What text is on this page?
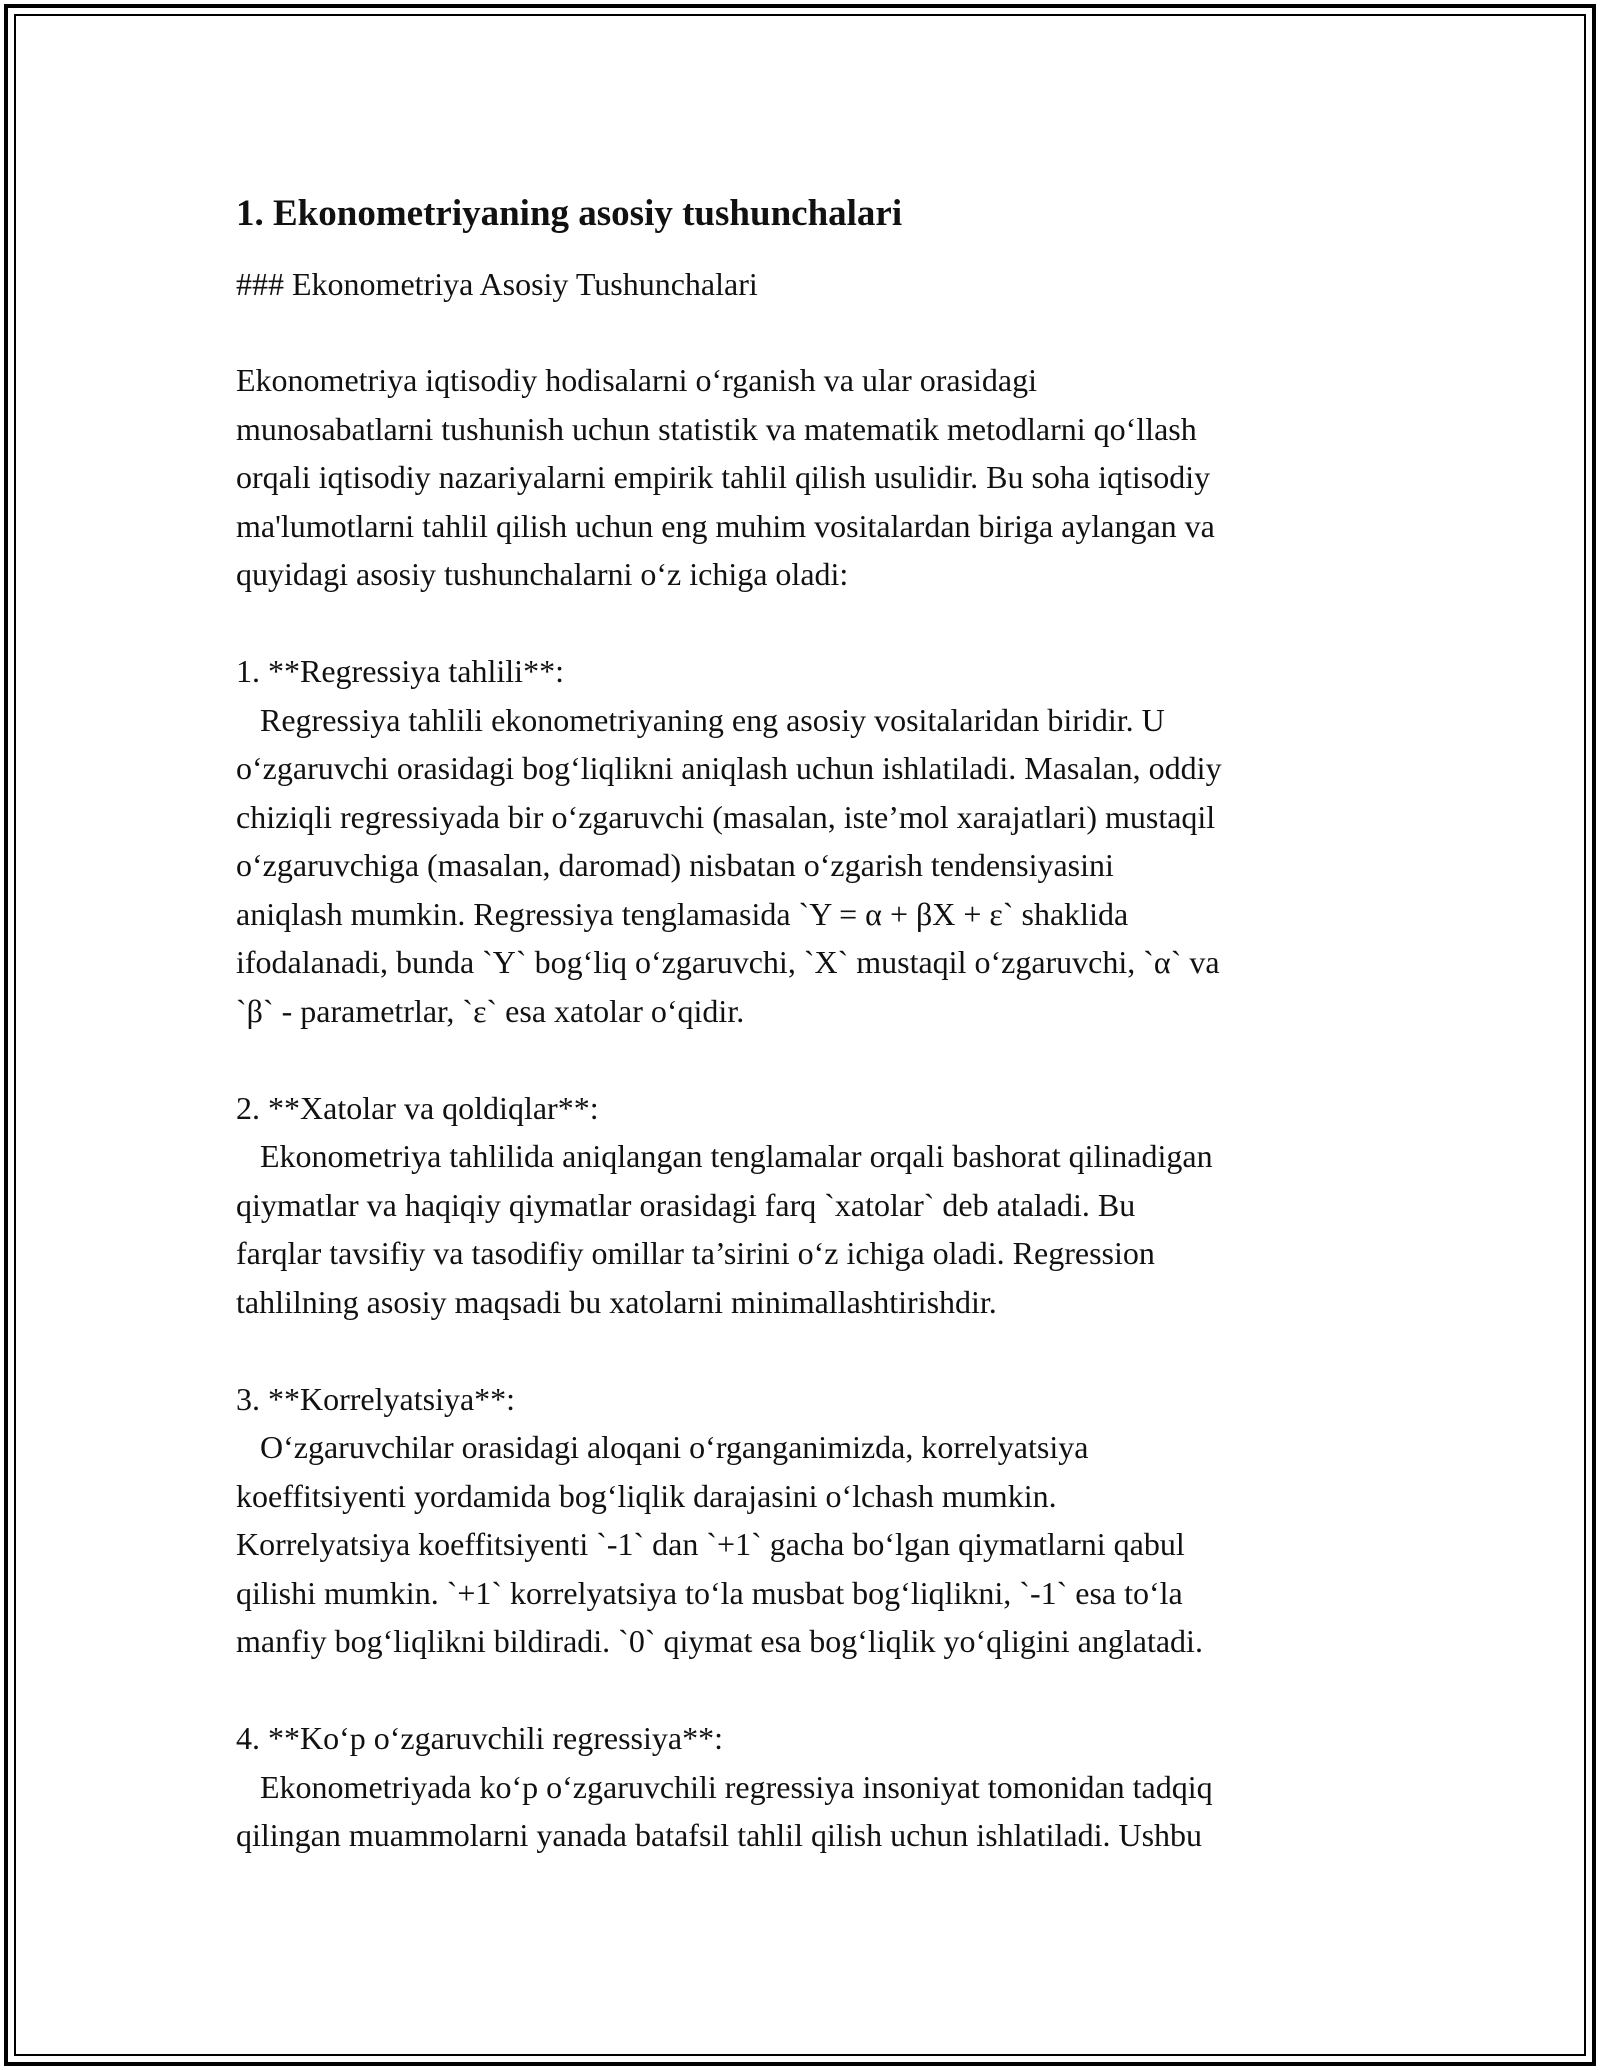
1. Ekonometriyaning asosiy tushunchalari
### Ekonometriya Asosiy Tushunchalari
Ekonometriya iqtisodiy hodisalarni o‘rganish va ular orasidagi
munosabatlarni tushunish uchun statistik va matematik metodlarni qo‘llash
orqali iqtisodiy nazariyalarni empirik tahlil qilish usulidir. Bu soha iqtisodiy
ma'lumotlarni tahlil qilish uchun eng muhim vositalardan biriga aylangan va
quyidagi asosiy tushunchalarni o‘z ichiga oladi:
1. **Regressiya tahlili**:
Regressiya tahlili ekonometriyaning eng asosiy vositalaridan biridir. U
o‘zgaruvchi orasidagi bog‘liqlikni aniqlash uchun ishlatiladi. Masalan, oddiy
chiziqli regressiyada bir o‘zgaruvchi (masalan, iste’mol xarajatlari) mustaqil
o‘zgaruvchiga (masalan, daromad) nisbatan o‘zgarish tendensiyasini
aniqlash mumkin. Regressiya tenglamasida `Y = α + βX + ε` shaklida
ifodalanadi, bunda `Y` bog‘liq o‘zgaruvchi, `X` mustaqil o‘zgaruvchi, `α` va
`β` - parametrlar, `ε` esa xatolar o‘qidir.
2. **Xatolar va qoldiqlar**:
Ekonometriya tahlilida aniqlangan tenglamalar orqali bashorat qilinadigan
qiymatlar va haqiqiy qiymatlar orasidagi farq `xatolar` deb ataladi. Bu
farqlar tavsifiy va tasodifiy omillar ta’sirini o‘z ichiga oladi. Regression
tahlilning asosiy maqsadi bu xatolarni minimallashtirishdir.
3. **Korrelyatsiya**:
O‘zgaruvchilar orasidagi aloqani o‘rganganimizda, korrelyatsiya
koeffitsiyenti yordamida bog‘liqlik darajasini o‘lchash mumkin.
Korrelyatsiya koeffitsiyenti `-1` dan `+1` gacha bo‘lgan qiymatlarni qabul
qilishi mumkin. `+1` korrelyatsiya to‘la musbat bog‘liqlikni, `-1` esa to‘la
manfiy bog‘liqlikni bildiradi. `0` qiymat esa bog‘liqlik yo‘qligini anglatadi.
4. **Ko‘p o‘zgaruvchili regressiya**:
Ekonometriyada ko‘p o‘zgaruvchili regressiya insoniyat tomonidan tadqiq
qilingan muammolarni yanada batafsil tahlil qilish uchun ishlatiladi. Ushbu
